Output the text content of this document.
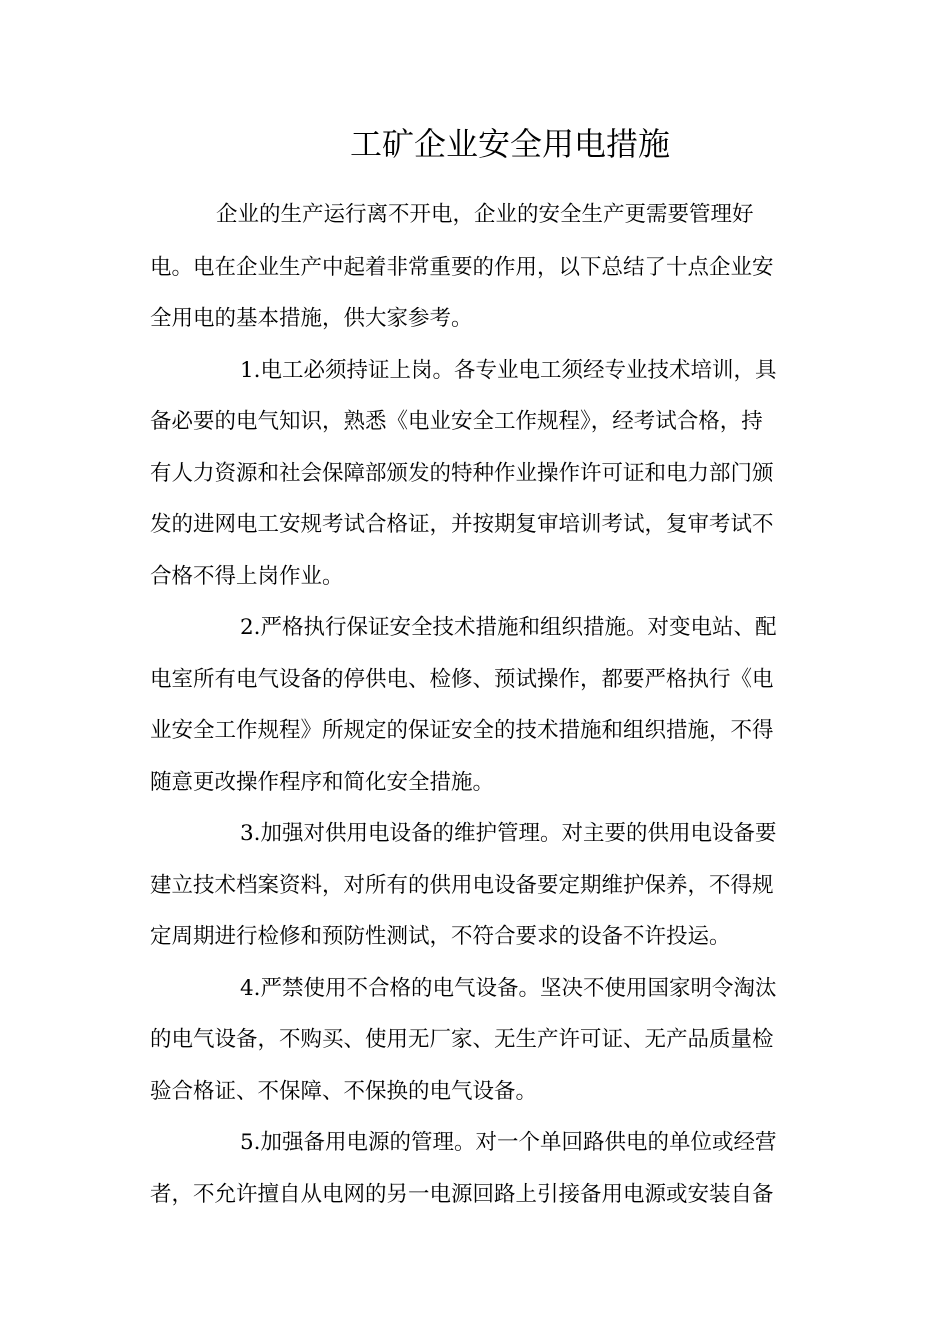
工矿企业安全用电措施

企业的生产运行离不开电，企业的安全生产更需要管理好

电。电在企业生产中起着非常重要的作用，以下总结了十点企业安

全用电的基本措施，供大家参考。

1.电工必须持证上岗。各专业电工须经专业技术培训，具

备必要的电气知识，熟悉《电业安全工作规程》，经考试合格，持

有人力资源和社会保障部颁发的特种作业操作许可证和电力部门颁

发的进网电工安规考试合格证，并按期复审培训考试，复审考试不

合格不得上岗作业。

2.严格执行保证安全技术措施和组织措施。对变电站、配

电室所有电气设备的停供电、检修、预试操作，都要严格执行《电

业安全工作规程》所规定的保证安全的技术措施和组织措施，不得

随意更改操作程序和简化安全措施。

3.加强对供用电设备的维护管理。对主要的供用电设备要

建立技术档案资料，对所有的供用电设备要定期维护保养，不得规

定周期进行检修和预防性测试，不符合要求的设备不许投运。

4.严禁使用不合格的电气设备。坚决不使用国家明令淘汰

的电气设备，不购买、使用无厂家、无生产许可证、无产品质量检

验合格证、不保障、不保换的电气设备。

5.加强备用电源的管理。对一个单回路供电的单位或经营

者，不允许擅自从电网的另一电源回路上引接备用电源或安装自备
